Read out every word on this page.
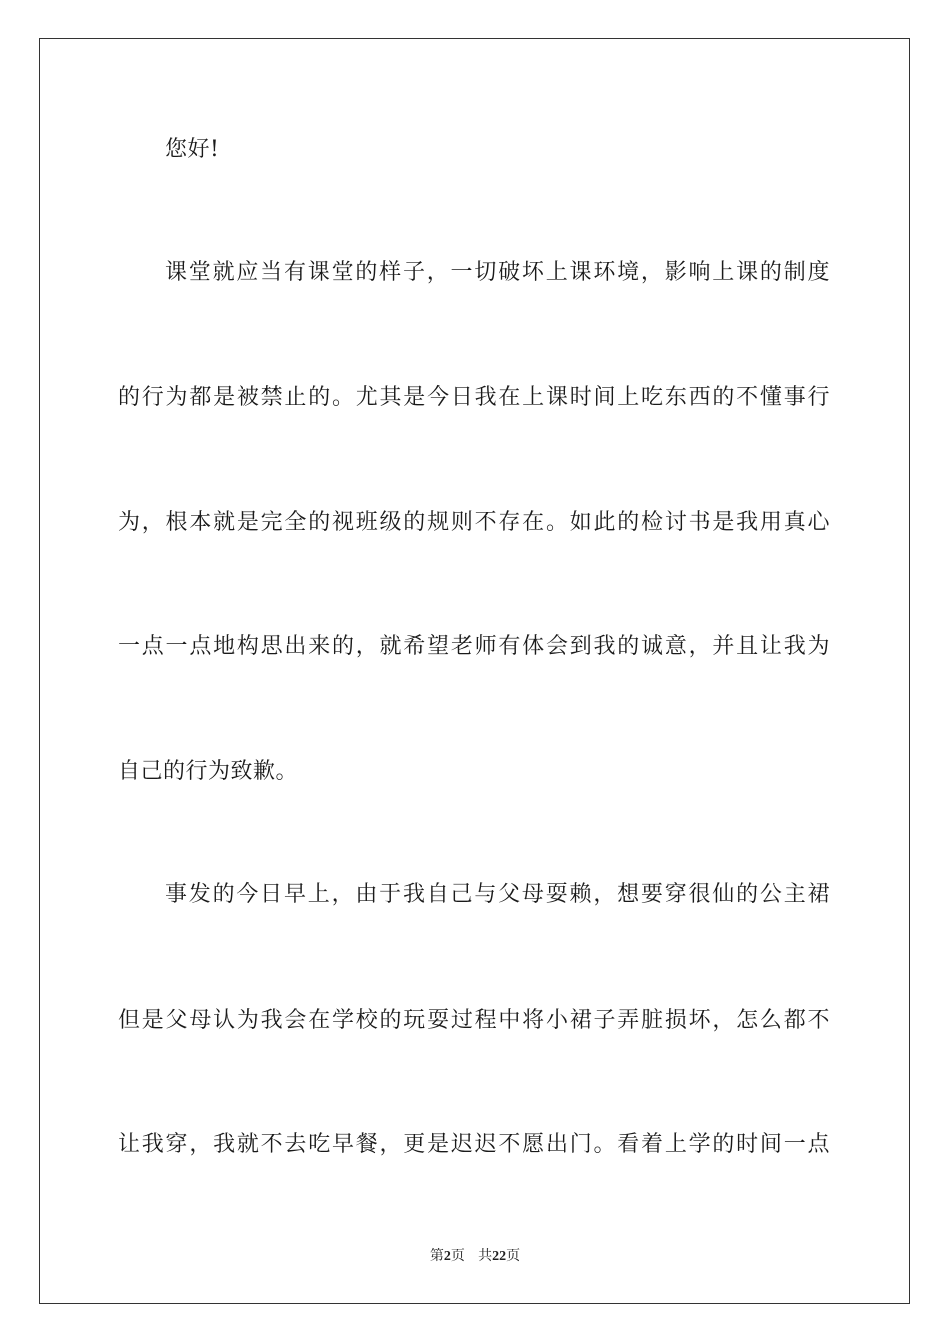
您好!
课堂就应当有课堂的样子，一切破坏上课环境，影响上课的制度
的行为都是被禁止的。尤其是今日我在上课时间上吃东西的不懂事行
为，根本就是完全的视班级的规则不存在。如此的检讨书是我用真心
一点一点地构思出来的，就希望老师有体会到我的诚意，并且让我为
自己的行为致歉。
事发的今日早上，由于我自己与父母耍赖，想要穿很仙的公主裙
但是父母认为我会在学校的玩耍过程中将小裙子弄脏损坏，怎么都不
让我穿，我就不去吃早餐，更是迟迟不愿出门。看着上学的时间一点
第2页 共22页
